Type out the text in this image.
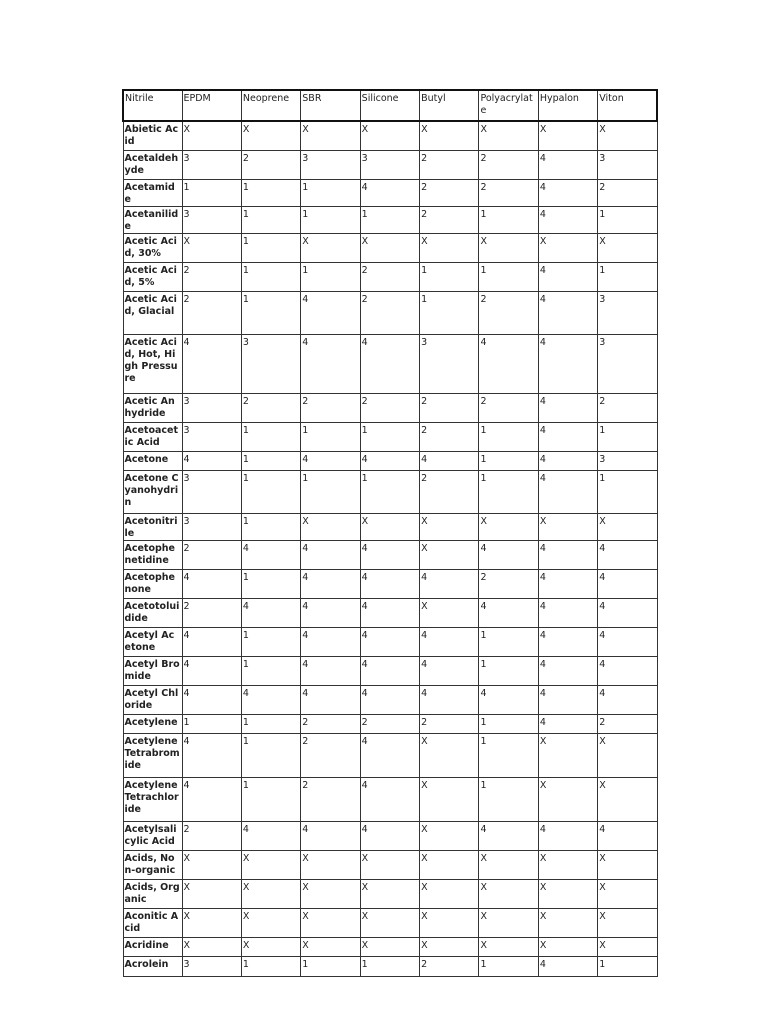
Nitrile	EPDM	Neoprene	SBR	Silicone	Butyl	Polyacrylate	Hypalon	Viton
Abietic Acid	X	X	X	X	X	X	X	X
Acetaldehyde	3	2	3	3	2	2	4	3
Acetamide	1	1	1	4	2	2	4	2
Acetanilide	3	1	1	1	2	1	4	1
Acetic Acid, 30%	X	1	X	X	X	X	X	X
Acetic Acid, 5%	2	1	1	2	1	1	4	1
Acetic Acid, Glacial	2	1	4	2	1	2	4	3
Acetic Acid, Hot, High Pressure	4	3	4	4	3	4	4	3
Acetic Anhydride	3	2	2	2	2	2	4	2
Acetoacetic Acid	3	1	1	1	2	1	4	1
Acetone	4	1	4	4	4	1	4	3
Acetone Cyanohydrin	3	1	1	1	2	1	4	1
Acetonitrile	3	1	X	X	X	X	X	X
Acetophenetidine	2	4	4	4	X	4	4	4
Acetophenone	4	1	4	4	4	2	4	4
Acetotoluidide	2	4	4	4	X	4	4	4
Acetyl Acetone	4	1	4	4	4	1	4	4
Acetyl Bromide	4	1	4	4	4	1	4	4
Acetyl Chloride	4	4	4	4	4	4	4	4
Acetylene	1	1	2	2	2	1	4	2
Acetylene Tetrabromide	4	1	2	4	X	1	X	X
Acetylene Tetrachloride	4	1	2	4	X	1	X	X
Acetylsalicylic Acid	2	4	4	4	X	4	4	4
Acids, Non-organic	X	X	X	X	X	X	X	X
Acids, Organic	X	X	X	X	X	X	X	X
Aconitic Acid	X	X	X	X	X	X	X	X
Acridine	X	X	X	X	X	X	X	X
Acrolein	3	1	1	1	2	1	4	1
